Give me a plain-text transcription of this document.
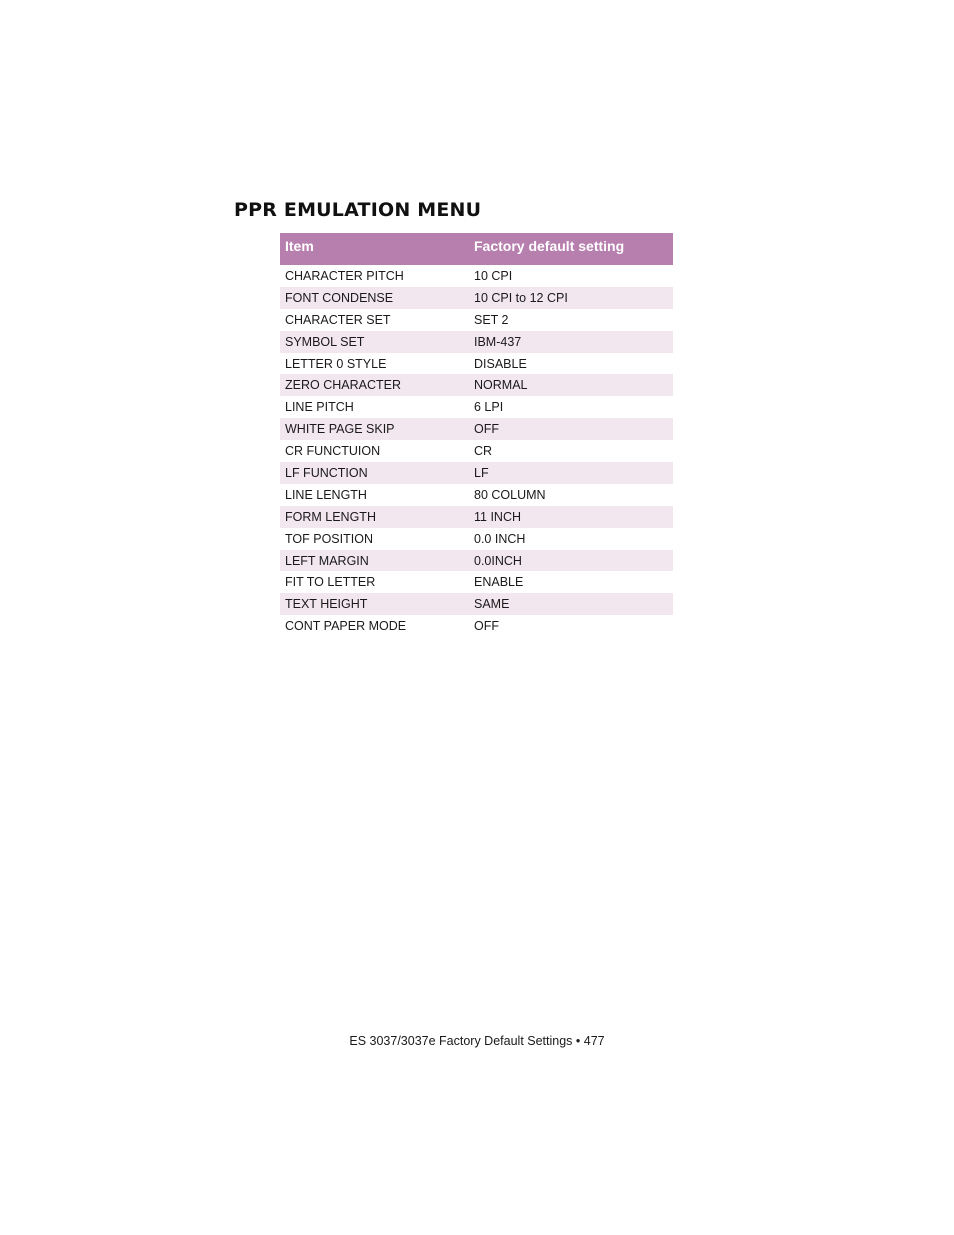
PPR EMULATION MENU
Item	Factory default setting
CHARACTER PITCH	10 CPI
FONT CONDENSE	10 CPI to 12 CPI
CHARACTER SET	SET 2
SYMBOL SET	IBM-437
LETTER 0 STYLE	DISABLE
ZERO CHARACTER	NORMAL
LINE PITCH	6 LPI
WHITE PAGE SKIP	OFF
CR FUNCTUION	CR
LF FUNCTION	LF
LINE LENGTH	80 COLUMN
FORM LENGTH	11 INCH
TOF POSITION	0.0 INCH
LEFT MARGIN	0.0INCH
FIT TO LETTER	ENABLE
TEXT HEIGHT	SAME
CONT PAPER MODE	OFF
ES 3037/3037e Factory Default Settings • 477
